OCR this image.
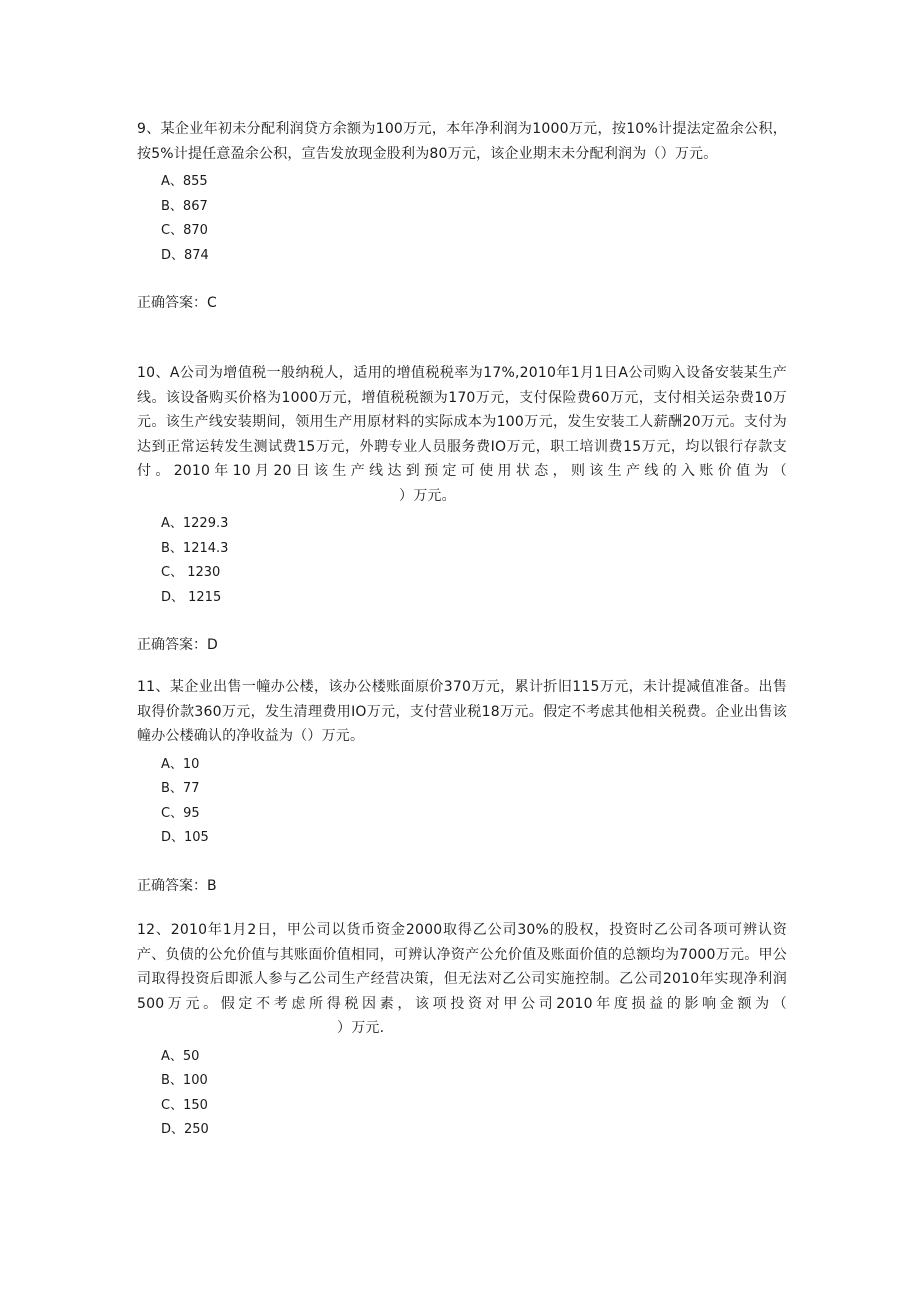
9、某企业年初未分配利润贷方余额为100万元，本年净利润为1000万元，按10%计提法定盈余公积，按5%计提任意盈余公积，宣告发放现金股利为80万元，该企业期末未分配利润为（）万元。

A、855
B、867
C、870
D、874
正确答案：C

10、A公司为增值税一般纳税人，适用的增值税税率为17%,2010年1月1日A公司购入设备安装某生产线。该设备购买价格为1000万元，增值税税额为170万元，支付保险费60万元，支付相关运杂费10万元。该生产线安装期间，领用生产用原材料的实际成本为100万元，发生安装工人薪酬20万元。支付为达到正常运转发生测试费15万元，外聘专业人员服务费IO万元，职工培训费15万元，均以银行存款支付。2010年10月20日该生产线达到预定可使用状态，则该生产线的入账价值为（）万元。

A、1229.3
B、1214.3
C、 1230
D、 1215
正确答案：D

11、某企业出售一幢办公楼，该办公楼账面原价370万元，累计折旧115万元，未计提减值准备。出售取得价款360万元，发生清理费用IO万元，支付营业税18万元。假定不考虑其他相关税费。企业出售该幢办公楼确认的净收益为（）万元。

A、10
B、77
C、95
D、105
正确答案：B

12、2010年1月2日，甲公司以货币资金2000取得乙公司30%的股权，投资时乙公司各项可辨认资产、负债的公允价值与其账面价值相同，可辨认净资产公允价值及账面价值的总额均为7000万元。甲公司取得投资后即派人参与乙公司生产经营决策，但无法对乙公司实施控制。乙公司2010年实现净利润500万元。假定不考虑所得税因素，该项投资对甲公司2010年度损益的影响金额为（）万元.

A、50
B、100
C、150
D、250
